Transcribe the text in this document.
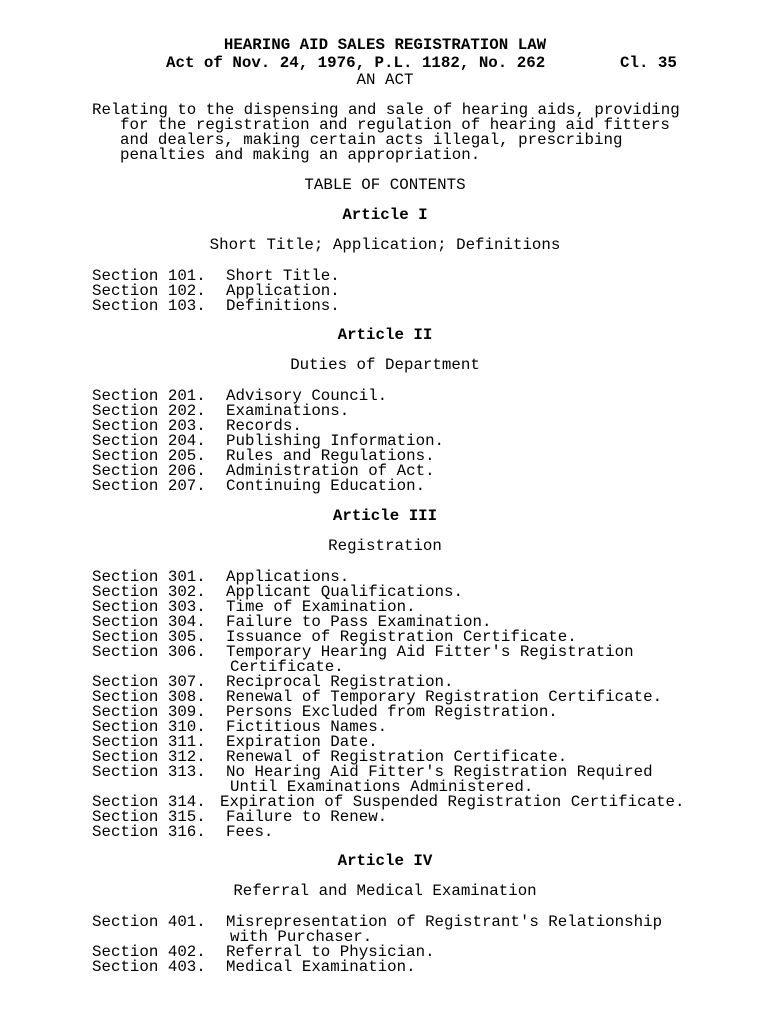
HEARING AID SALES REGISTRATION LAW
Act of Nov. 24, 1976, P.L. 1182, No. 262	Cl. 35
AN ACT
Relating to the dispensing and sale of hearing aids, providing
for the registration and regulation of hearing aid fitters
and dealers, making certain acts illegal, prescribing
penalties and making an appropriation.
TABLE OF CONTENTS
Article I
Short Title; Application; Definitions
Section 101. Short Title.
Section 102. Application.
Section 103. Definitions.
Article II
Duties of Department
Section 201. Advisory Council.
Section 202. Examinations.
Section 203. Records.
Section 204. Publishing Information.
Section 205. Rules and Regulations.
Section 206. Administration of Act.
Section 207. Continuing Education.
Article III
Registration
Section 301. Applications.
Section 302. Applicant Qualifications.
Section 303. Time of Examination.
Section 304. Failure to Pass Examination.
Section 305. Issuance of Registration Certificate.
Section 306. Temporary Hearing Aid Fitter's Registration
Certificate.
Section 307. Reciprocal Registration.
Section 308. Renewal of Temporary Registration Certificate.
Section 309. Persons Excluded from Registration.
Section 310. Fictitious Names.
Section 311. Expiration Date.
Section 312. Renewal of Registration Certificate.
Section 313. No Hearing Aid Fitter's Registration Required
Until Examinations Administered.
Section 314. Expiration of Suspended Registration Certificate.
Section 315. Failure to Renew.
Section 316. Fees.
Article IV
Referral and Medical Examination
Section 401. Misrepresentation of Registrant's Relationship
with Purchaser.
Section 402. Referral to Physician.
Section 403. Medical Examination.
